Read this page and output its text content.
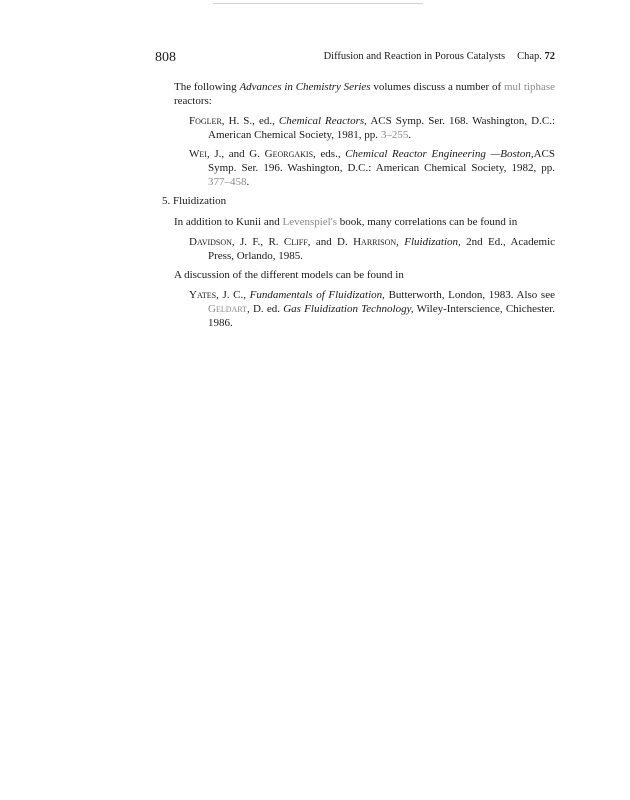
808	Diffusion and Reaction in Porous Catalysts Chap. 72

The following Advances in Chemistry Series volumes discuss a number of mul tiphase reactors:

Fogler, H. S., ed., Chemical Reactors, ACS Symp. Ser. 168. Washington, D.C.: American Chemical Society, 1981, pp. 3–255.

Wei, J., and G. Georgakis, eds., Chemical Reactor Engineering —Boston,ACS Symp. Ser. 196. Washington, D.C.: American Chemical Society, 1982, pp. 377–458.

5. Fluidization

In addition to Kunii and Levenspiel's book, many correlations can be found in

Davidson, J. F., R. Cliff, and D. Harrison, Fluidization, 2nd Ed., Academic Press, Orlando, 1985.

A discussion of the different models can be found in

Yates, J. C., Fundamentals of Fluidization, Butterworth, London, 1983. Also see Geldart, D. ed. Gas Fluidization Technology, Wiley-Interscience, Chichester. 1986.
